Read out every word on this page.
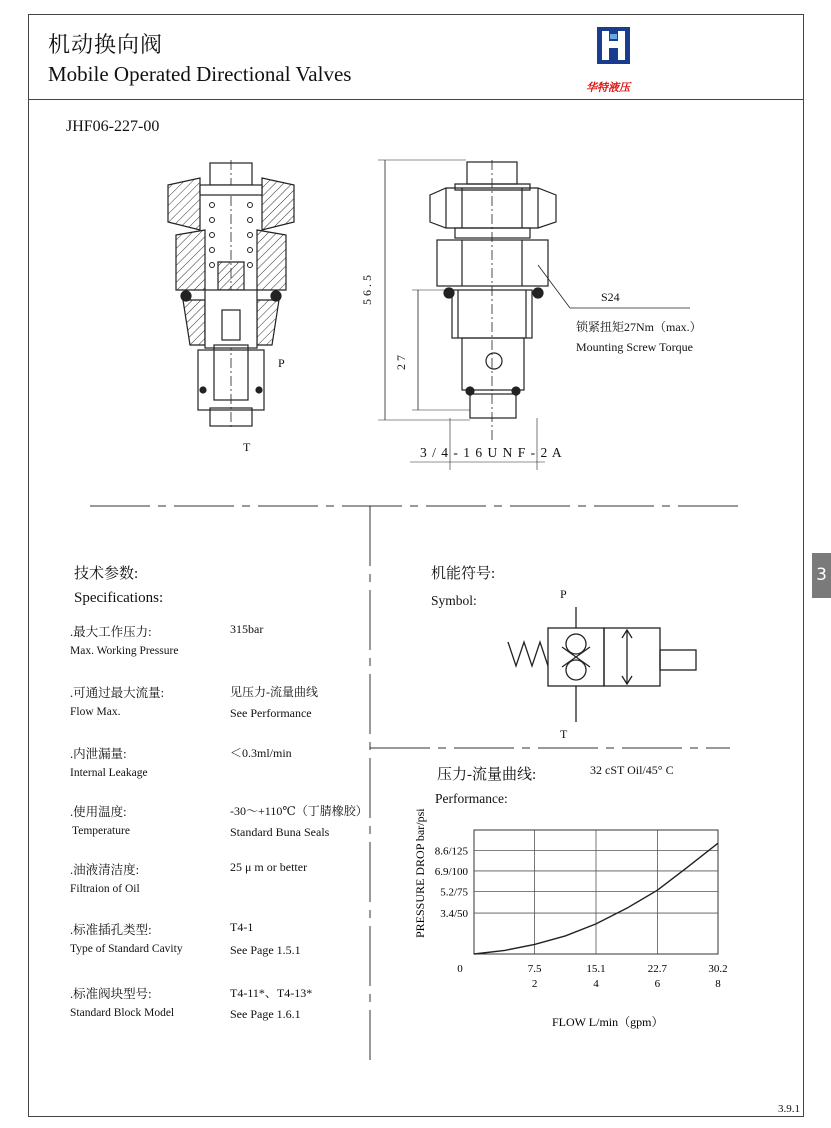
机动换向阀
Mobile Operated Directional Valves
华特液压
JHF06-227-00
P
T
5 6 . 5
2 7
S24
锁紧扭矩27Nm（max.）
Mounting Screw Torque
3 / 4 - 1 6 U N F - 2 A
技术参数:
Specifications:
.最大工作压力:
Max. Working Pressure
315bar
.可通过最大流量:
Flow Max.
见压力-流量曲线
See Performance
.内泄漏量:
Internal Leakage
＜0.3ml/min
.使用温度:
Temperature
-30～+110℃（丁腈橡胶）
Standard Buna Seals
.油液清洁度:
Filtraion of Oil
25 μ m or better
.标准插孔类型:
Type of Standard Cavity
T4-1
See Page 1.5.1
.标准阀块型号:
Standard Block Model
T4-11*、T4-13*
See Page 1.6.1
机能符号:
Symbol:	P
T
压力-流量曲线:
Performance:
32 cST Oil/45° C
3.4/50
5.2/75
6.9/100
8.6/125
0	7.5
2
15.1
4
22.7
6
30.2
8
PRESSURE DROP bar/psi
FLOW L/min（gpm）
3
3.9.1
